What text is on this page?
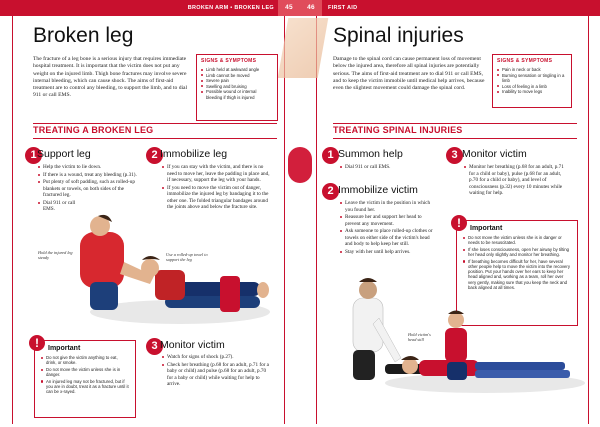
BROKEN ARM • BROKEN LEG	45	46	FIRST AID
Broken leg
The fracture of a leg bone is a serious injury that requires immediate hospital treatment. It is important that the victim does not put any weight on the injured limb. Thigh bone fractures may involve severe internal bleeding, which can cause shock. The aims of first-aid treatment are to control any bleeding, to support the limb, and to dial 911 or call EMS.
SIGNS & SYMPTOMS
Limb held at awkward angle
Limb cannot be moved
Severe pain
Swelling and bruising
Possible wound or internal bleeding if thigh is injured
TREATING A BROKEN LEG
1 Support leg
Help the victim to lie down.
If there is a wound, treat any bleeding (p.31).
Put plenty of soft padding, such as rolled-up blankets or towels, on both sides of the fractured leg.
Dial 911 or call EMS.
2 Immobilize leg
If you can stay with the victim, and there is no need to move her, leave the padding in place and, if necessary, support the leg with your hands.
If you need to move the victim out of danger, immobilize the injured leg by bandaging it to the other one. Tie folded triangular bandages around the joints above and below the fracture site.
Hold the injured leg steady
Use a rolled-up towel to support the leg
3 Monitor victim
Watch for signs of shock (p.27).
Check her breathing (p.68 for an adult, p.71 for a baby or child) and pulse (p.68 for an adult, p.70 for a baby or child) while waiting for help to arrive.
!	Important
Do not give the victim anything to eat, drink, or smoke.
Do not move the victim unless she is in danger.
An injured leg may not be fractured, but if you are in doubt, treat it as a fracture until it can be x-rayed.
Spinal injuries
Damage to the spinal cord can cause permanent loss of movement below the injured area, therefore all spinal injuries are potentially serious. The aims of first-aid treatment are to dial 911 or call EMS, and to keep the victim immobile until medical help arrives, because even the slightest movement could damage the spinal cord.
SIGNS & SYMPTOMS
Pain in neck or back
Burning sensation or tingling in a limb
Loss of feeling in a limb
Inability to move legs
TREATING SPINAL INJURIES
1 Summon help
Dial 911 or call EMS.
2 Immobilize victim
Leave the victim in the position in which you found her.
Reassure her and support her head to prevent any movement.
Ask someone to place rolled-up clothes or towels on either side of the victim's head and body to help keep her still.
Stay with her until help arrives.
3 Monitor victim
Monitor her breathing (p.68 for an adult, p.71 for a child or baby), pulse (p.68 for an adult, p.70 for a child or baby), and level of consciousness (p.32) every 10 minutes while waiting for help.
!	Important
Do not move the victim unless she is in danger or needs to be resuscitated.
If she loses consciousness, open her airway by tilting her head only slightly and monitor her breathing.
If breathing becomes difficult for her, have several other people help to move the victim into the recovery position. Put your hands over her ears to keep her head aligned and, working as a team, roll her over very gently, making sure that you keep the neck and back aligned at all times.
Hold victim's head still
